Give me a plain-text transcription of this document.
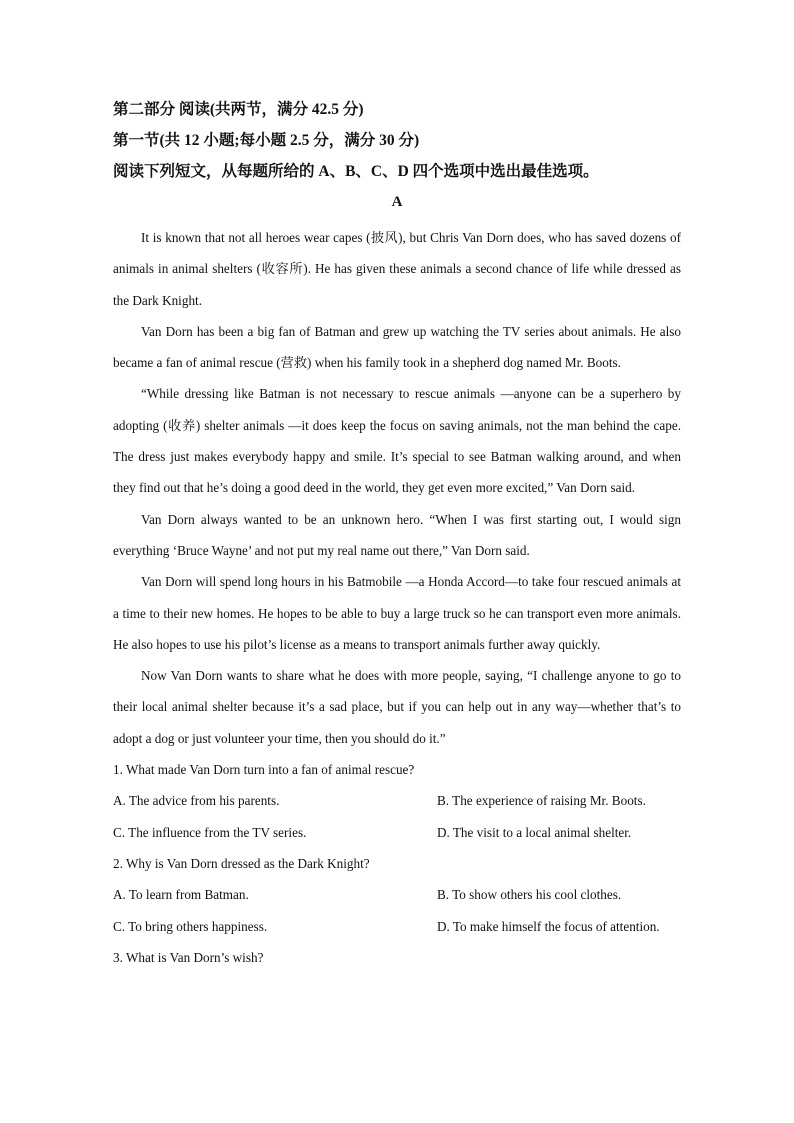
第二部分 阅读(共两节，满分 42.5 分)
第一节(共 12 小题;每小题 2.5 分，满分 30 分)
阅读下列短文，从每题所给的 A、B、C、D 四个选项中选出最佳选项。
A

It is known that not all heroes wear capes (披风), but Chris Van Dorn does, who has saved dozens of animals in animal shelters (收容所). He has given these animals a second chance of life while dressed as the Dark Knight.

Van Dorn has been a big fan of Batman and grew up watching the TV series about animals. He also became a fan of animal rescue (营救) when his family took in a shepherd dog named Mr. Boots.

“While dressing like Batman is not necessary to rescue animals —anyone can be a superhero by adopting (收养) shelter animals —it does keep the focus on saving animals, not the man behind the cape. The dress just makes everybody happy and smile. It’s special to see Batman walking around, and when they find out that he’s doing a good deed in the world, they get even more excited,” Van Dorn said.

Van Dorn always wanted to be an unknown hero. “When I was first starting out, I would sign everything ‘Bruce Wayne’ and not put my real name out there,” Van Dorn said.

Van Dorn will spend long hours in his Batmobile —a Honda Accord—to take four rescued animals at a time to their new homes. He hopes to be able to buy a large truck so he can transport even more animals. He also hopes to use his pilot’s license as a means to transport animals further away quickly.

Now Van Dorn wants to share what he does with more people, saying, “I challenge anyone to go to their local animal shelter because it’s a sad place, but if you can help out in any way—whether that’s to adopt a dog or just volunteer your time, then you should do it.”

1. What made Van Dorn turn into a fan of animal rescue?

A. The advice from his parents.	B. The experience of raising Mr. Boots.
C. The influence from the TV series.	D. The visit to a local animal shelter.

2. Why is Van Dorn dressed as the Dark Knight?

A. To learn from Batman.	B. To show others his cool clothes.
C. To bring others happiness.	D. To make himself the focus of attention.

3. What is Van Dorn’s wish?
